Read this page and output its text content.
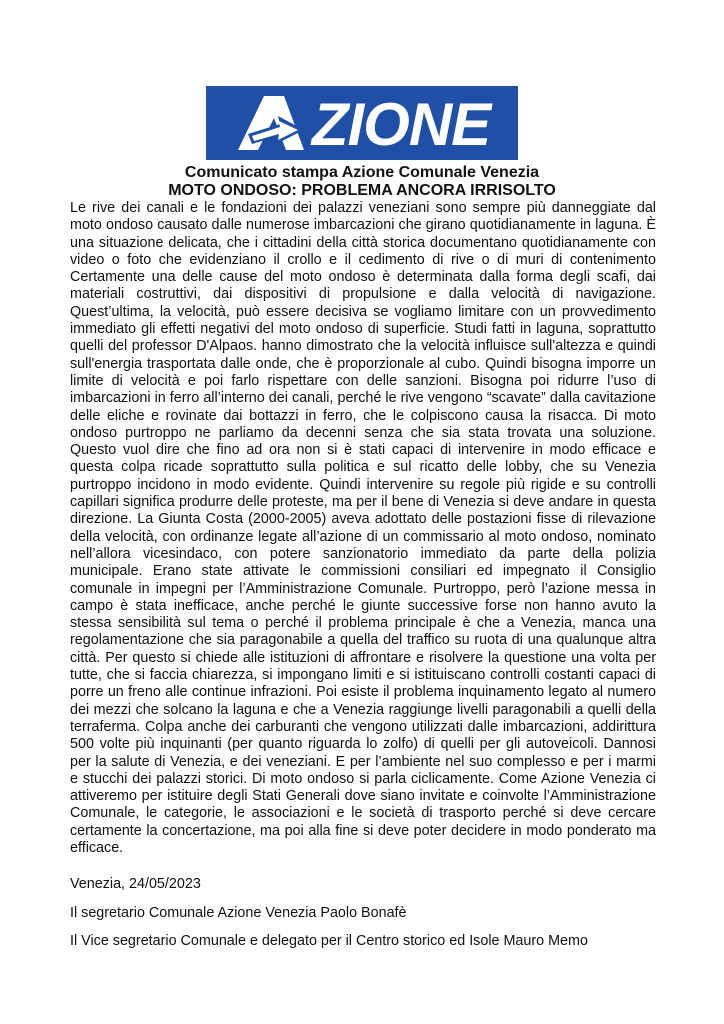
ZIONE
Comunicato stampa Azione Comunale Venezia
MOTO ONDOSO: PROBLEMA ANCORA IRRISOLTO

Le rive dei canali e le fondazioni dei palazzi veneziani sono sempre più danneggiate dal moto ondoso causato dalle numerose imbarcazioni che girano quotidianamente in laguna. È una situazione delicata, che i cittadini della città storica documentano quotidianamente con video o foto che evidenziano il crollo e il cedimento di rive o di muri di contenimento Certamente una delle cause del moto ondoso è determinata dalla forma degli scafi, dai materiali costruttivi, dai dispositivi di propulsione e dalla velocità di navigazione. Quest’ultima, la velocità, può essere decisiva se vogliamo limitare con un provvedimento immediato gli effetti negativi del moto ondoso di superficie. Studi fatti in laguna, soprattutto quelli del professor D'Alpaos. hanno dimostrato che la velocità influisce sull'altezza e quindi sull'energia trasportata dalle onde, che è proporzionale al cubo. Quindi bisogna imporre un limite di velocità e poi farlo rispettare con delle sanzioni. Bisogna poi ridurre l’uso di imbarcazioni in ferro all’interno dei canali, perché le rive vengono “scavate” dalla cavitazione delle eliche e rovinate dai bottazzi in ferro, che le colpiscono causa la risacca. Di moto ondoso purtroppo ne parliamo da decenni senza che sia stata trovata una soluzione. Questo vuol dire che fino ad ora non si è stati capaci di intervenire in modo efficace e questa colpa ricade soprattutto sulla politica e sul ricatto delle lobby, che su Venezia purtroppo incidono in modo evidente. Quindi intervenire su regole più rigide e su controlli capillari significa produrre delle proteste, ma per il bene di Venezia si deve andare in questa direzione. La Giunta Costa (2000-2005) aveva adottato delle postazioni fisse di rilevazione della velocità, con ordinanze legate all’azione di un commissario al moto ondoso, nominato nell’allora vicesindaco, con potere sanzionatorio immediato da parte della polizia municipale. Erano state attivate le commissioni consiliari ed impegnato il Consiglio comunale in impegni per l’Amministrazione Comunale. Purtroppo, però l’azione messa in campo è stata inefficace, anche perché le giunte successive forse non hanno avuto la stessa sensibilità sul tema o perché il problema principale è che a Venezia, manca una regolamentazione che sia paragonabile a quella del traffico su ruota di una qualunque altra città. Per questo si chiede alle istituzioni di affrontare e risolvere la questione una volta per tutte, che si faccia chiarezza, si impongano limiti e si istituiscano controlli costanti capaci di porre un freno alle continue infrazioni. Poi esiste il problema inquinamento legato al numero dei mezzi che solcano la laguna e che a Venezia raggiunge livelli paragonabili a quelli della terraferma. Colpa anche dei carburanti che vengono utilizzati dalle imbarcazioni, addirittura 500 volte più inquinanti (per quanto riguarda lo zolfo) di quelli per gli autoveicoli. Dannosi per la salute di Venezia, e dei veneziani. E per l’ambiente nel suo complesso e per i marmi e stucchi dei palazzi storici. Di moto ondoso si parla ciclicamente. Come Azione Venezia ci attiveremo per istituire degli Stati Generali dove siano invitate e coinvolte l’Amministrazione Comunale, le categorie, le associazioni e le società di trasporto perché si deve cercare certamente la concertazione, ma poi alla fine si deve poter decidere in modo ponderato ma efficace.

Venezia, 24/05/2023
Il segretario Comunale Azione Venezia Paolo Bonafè
Il Vice segretario Comunale e delegato per il Centro storico ed Isole Mauro Memo
